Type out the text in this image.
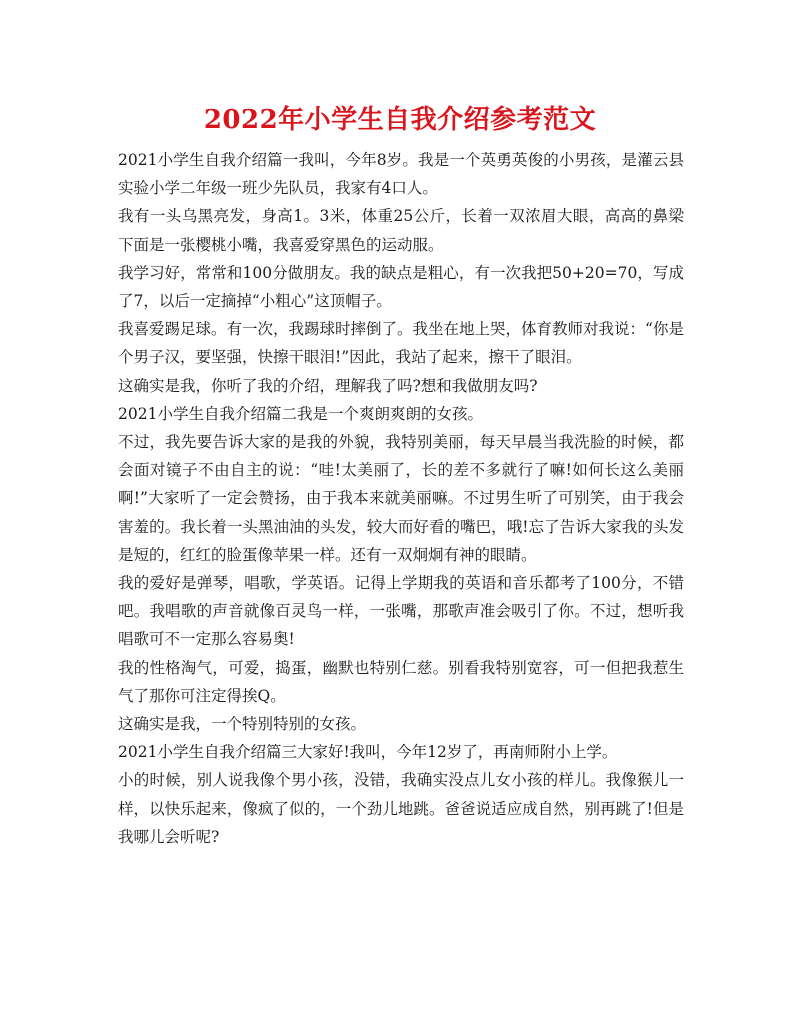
2022年小学生自我介绍参考范文

2021小学生自我介绍篇一我叫，今年8岁。我是一个英勇英俊的小男孩，是灌云县实验小学二年级一班少先队员，我家有4口人。

我有一头乌黑亮发，身高1。3米，体重25公斤，长着一双浓眉大眼，高高的鼻梁下面是一张樱桃小嘴，我喜爱穿黑色的运动服。

我学习好，常常和100分做朋友。我的缺点是粗心，有一次我把50+20=70，写成了7，以后一定摘掉“小粗心”这顶帽子。

我喜爱踢足球。有一次，我踢球时摔倒了。我坐在地上哭，体育教师对我说：“你是个男子汉，要坚强，快擦干眼泪!”因此，我站了起来，擦干了眼泪。

这确实是我，你听了我的介绍，理解我了吗?想和我做朋友吗?

2021小学生自我介绍篇二我是一个爽朗爽朗的女孩。

不过，我先要告诉大家的是我的外貌，我特别美丽，每天早晨当我洗脸的时候，都会面对镜子不由自主的说：“哇!太美丽了，长的差不多就行了嘛!如何长这么美丽啊!”大家听了一定会赞扬，由于我本来就美丽嘛。不过男生听了可别笑，由于我会害羞的。我长着一头黑油油的头发，较大而好看的嘴巴，哦!忘了告诉大家我的头发是短的，红红的脸蛋像苹果一样。还有一双炯炯有神的眼睛。

我的爱好是弹琴，唱歌，学英语。记得上学期我的英语和音乐都考了100分，不错吧。我唱歌的声音就像百灵鸟一样，一张嘴，那歌声准会吸引了你。不过，想听我唱歌可不一定那么容易奥!

我的性格淘气，可爱，捣蛋，幽默也特别仁慈。别看我特别宽容，可一但把我惹生气了那你可注定得挨Q。

这确实是我，一个特别特别的女孩。

2021小学生自我介绍篇三大家好!我叫，今年12岁了，再南师附小上学。

小的时候，别人说我像个男小孩，没错，我确实没点儿女小孩的样儿。我像猴儿一样，以快乐起来，像疯了似的，一个劲儿地跳。爸爸说适应成自然，别再跳了!但是我哪儿会听呢?
